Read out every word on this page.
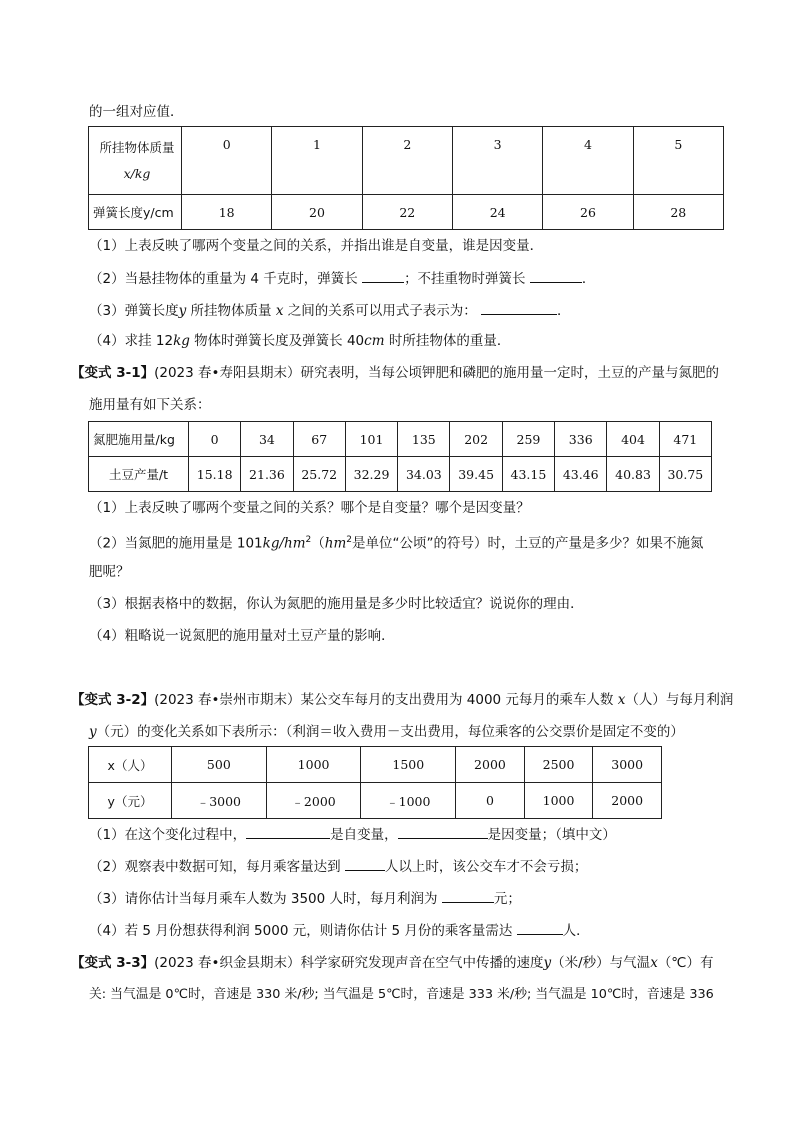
的一组对应值．
所挂物体质量
x/kg	0	1	2	3	4	5
弹簧长度y/cm	18	20	22	24	26	28
（1）上表反映了哪两个变量之间的关系，并指出谁是自变量，谁是因变量．
（2）当悬挂物体的重量为 4 千克时，弹簧长	；不挂重物时弹簧长	．
（3）弹簧长度y 所挂物体质量 x 之间的关系可以用式子表示为：	．
（4）求挂 12kg 物体时弹簧长度及弹簧长 40cm 时所挂物体的重量．
【变式 3-1】(2023 春•寿阳县期末）研究表明，当每公顷钾肥和磷肥的施用量一定时，土豆的产量与氮肥的
施用量有如下关系：
氮肥施用量/kg	0	34	67	101	135	202	259	336	404	471
土豆产量/t	15.18	21.36	25.72	32.29	34.03	39.45	43.15	43.46	40.83	30.75
（1）上表反映了哪两个变量之间的关系？哪个是自变量？哪个是因变量？
（2）当氮肥的施用量是 $101kg/hm^2(hm^2$是单位“公顷”的符号）时，土豆的产量是多少？如果不施氮
肥呢？
（3）根据表格中的数据，你认为氮肥的施用量是多少时比较适宜？说说你的理由．
（4）粗略说一说氮肥的施用量对土豆产量的影响．
【变式 3-2】(2023 春•崇州市期末）某公交车每月的支出费用为 4000 元每月的乘车人数 x（人）与每月利润
y（元）的变化关系如下表所示：（利润＝收入费用－支出费用，每位乘客的公交票价是固定不变的）
x（人）	500	1000	1500	2000	2500	3000
y（元）	﹣3000	﹣2000	﹣1000	0	1000	2000
（1）在这个变化过程中，	是自变量，	是因变量；（填中文）
（2）观察表中数据可知，每月乘客量达到	人以上时，该公交车才不会亏损；
（3）请你估计当每月乘车人数为 3500 人时，每月利润为	元；
（4）若 5 月份想获得利润 5000 元，则请你估计 5 月份的乘客量需达	人．
【变式 3-3】(2023 春•织金县期末）科学家研究发现声音在空气中传播的速度y（米/秒）与气温x（℃）有
关: 当气温是 0℃时，音速是 330 米/秒; 当气温是 5℃时，音速是 333 米/秒; 当气温是 10℃时，音速是 336
